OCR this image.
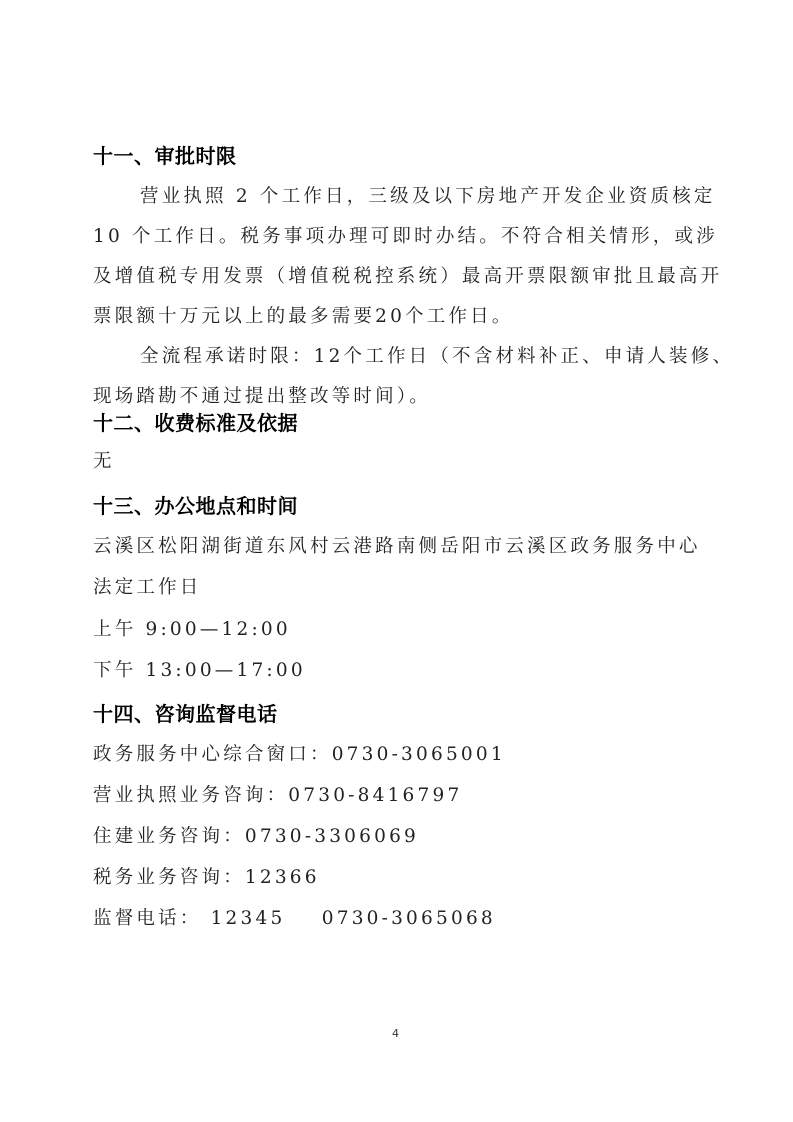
十一、审批时限
营业执照 2 个工作日，三级及以下房地产开发企业资质核定
10 个工作日。税务事项办理可即时办结。不符合相关情形，或涉
及增值税专用发票（增值税税控系统）最高开票限额审批且最高开
票限额十万元以上的最多需要20个工作日。
全流程承诺时限：12个工作日（不含材料补正、申请人装修、
现场踏勘不通过提出整改等时间）。
十二、收费标准及依据
无
十三、办公地点和时间
云溪区松阳湖街道东风村云港路南侧岳阳市云溪区政务服务中心
法定工作日
上午 9:00—12:00
下午 13:00—17:00
十四、咨询监督电话
政务服务中心综合窗口：0730-3065001
营业执照业务咨询：0730-8416797
住建业务咨询：0730-3306069
税务业务咨询：12366
监督电话： 12345    0730-3065068
4
